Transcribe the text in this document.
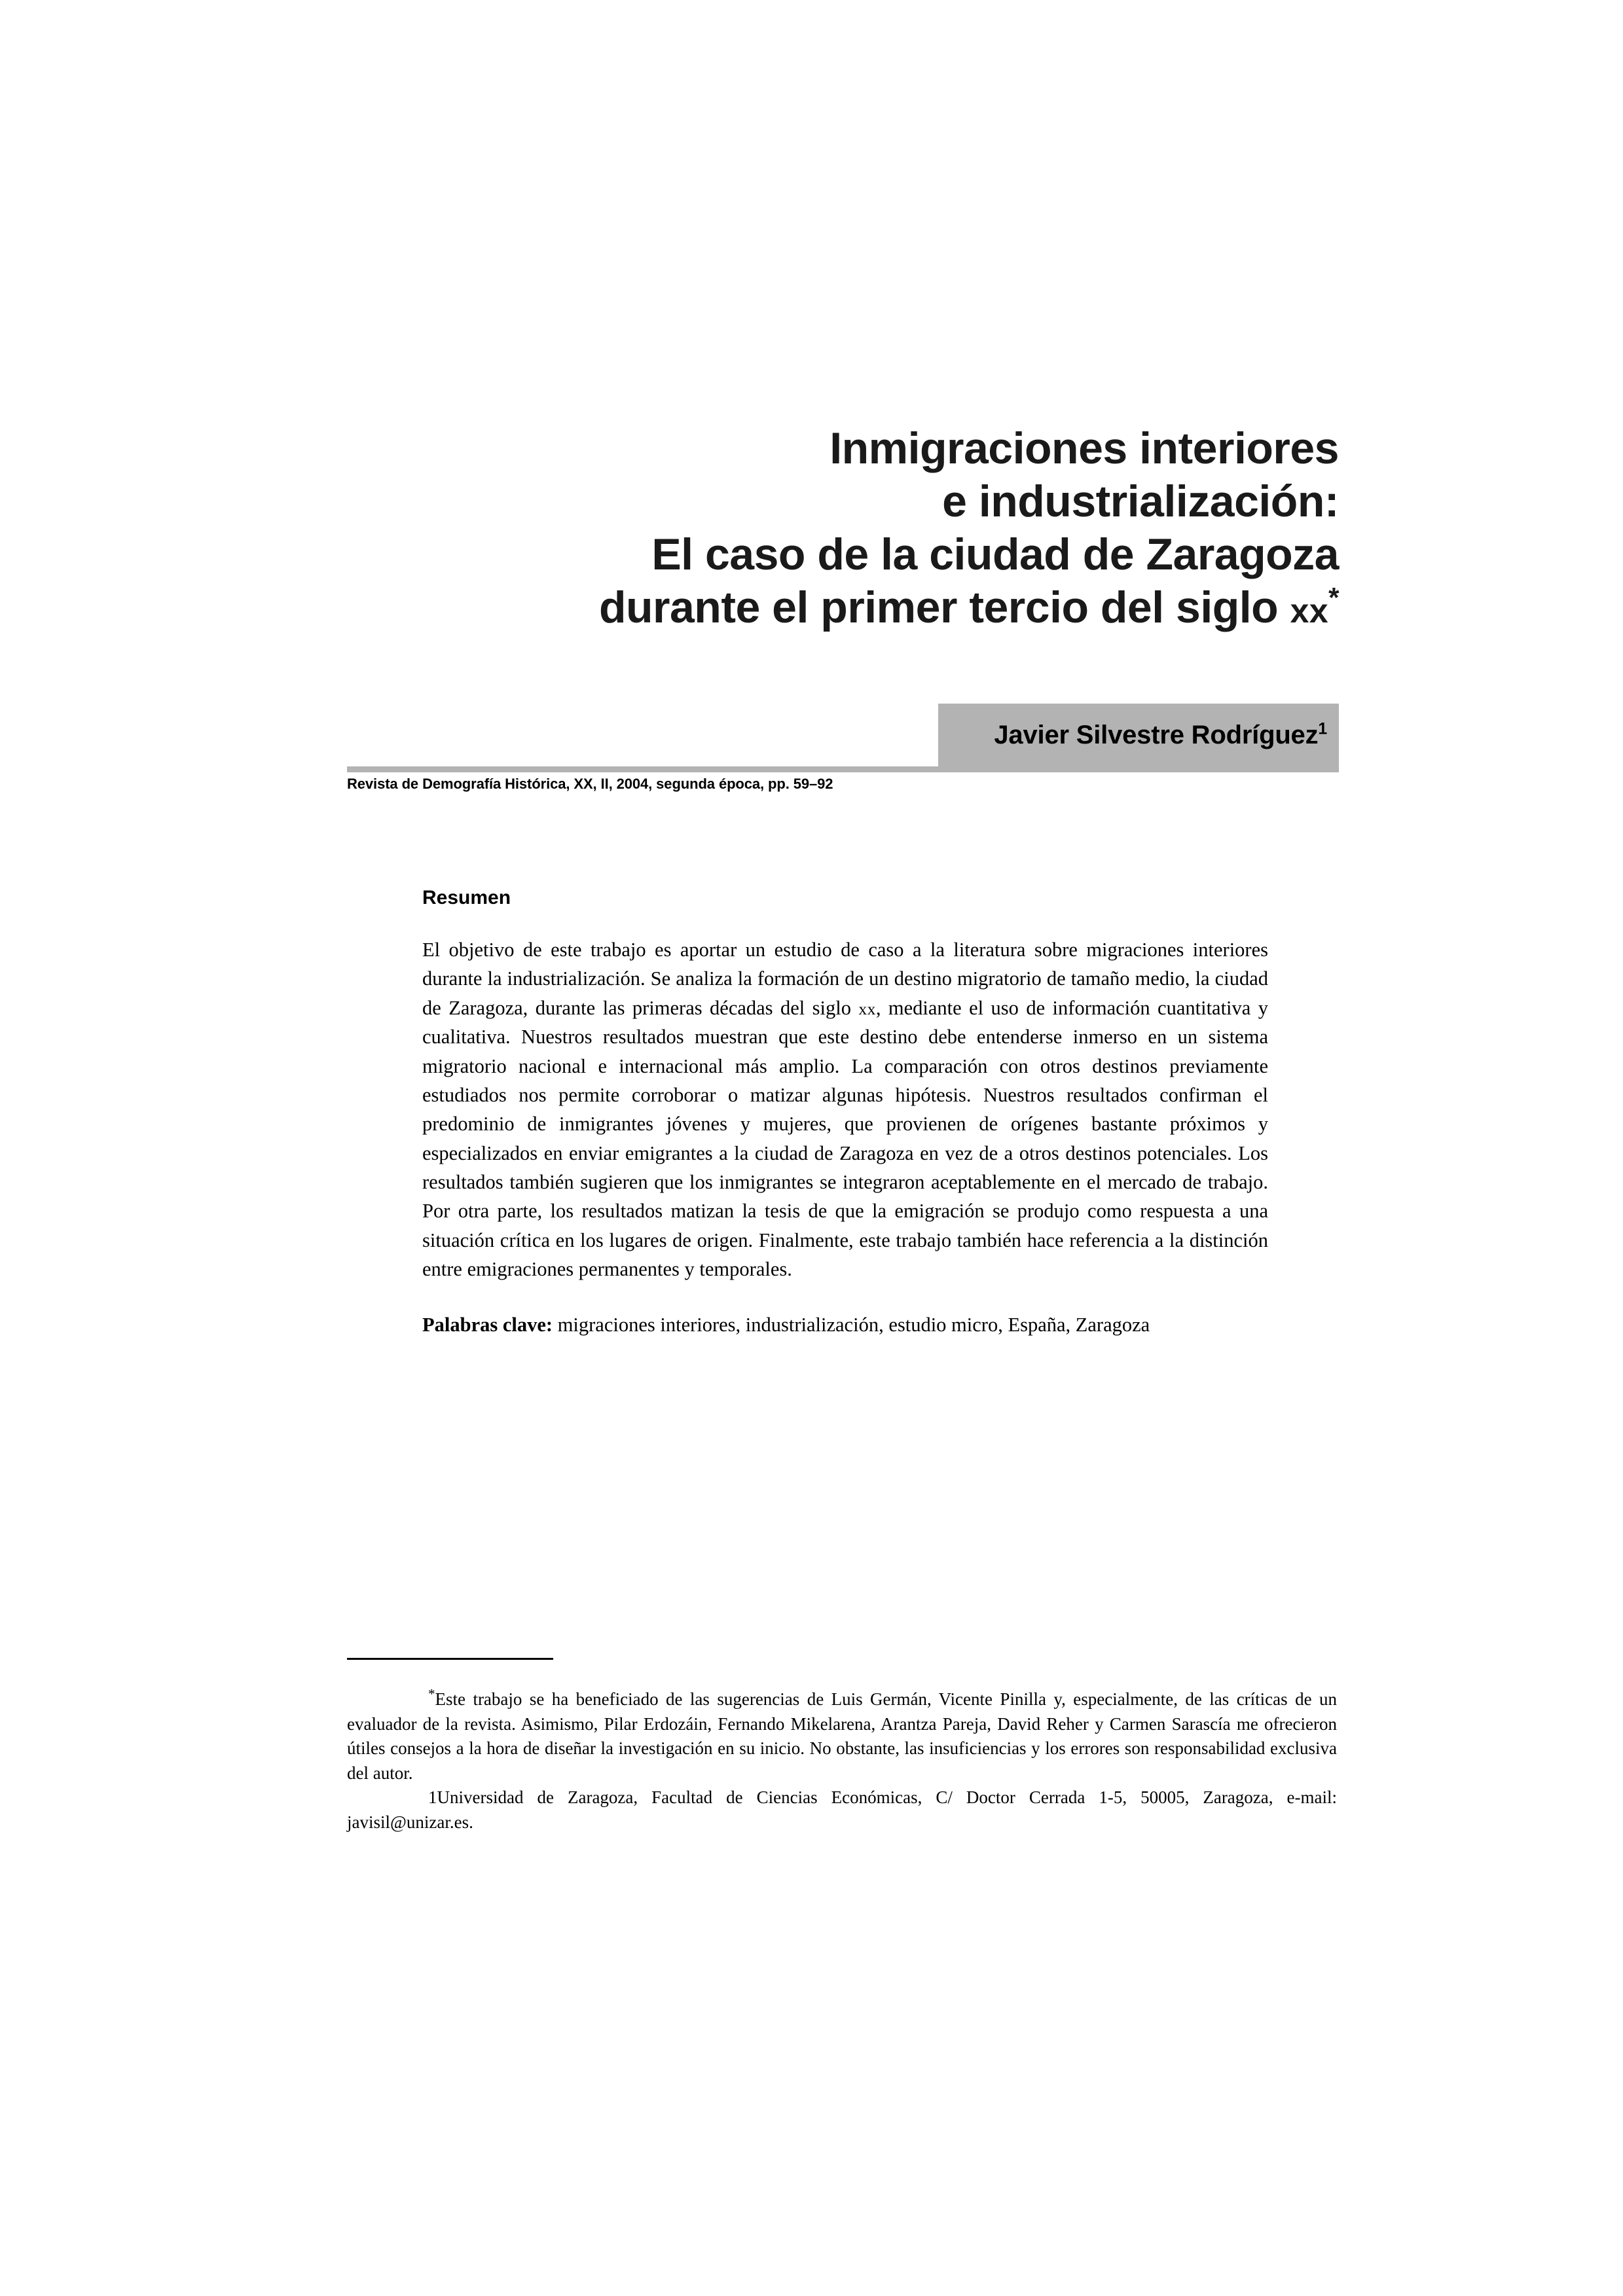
Inmigraciones interiores
e industrialización:
El caso de la ciudad de Zaragoza
durante el primer tercio del siglo xx*
Javier Silvestre Rodríguez$^1$
Revista de Demografía Histórica, XX, II, 2004, segunda época, pp. 59–92
Resumen

El objetivo de este trabajo es aportar un estudio de caso a la literatura sobre migraciones interiores durante la industrialización. Se analiza la formación de un destino migratorio de tamaño medio, la ciudad de Zaragoza, durante las primeras décadas del siglo xx, mediante el uso de información cuantitativa y cualitativa. Nuestros resultados muestran que este destino debe entenderse inmerso en un sistema migratorio nacional e internacional más amplio. La comparación con otros destinos previamente estudiados nos permite corroborar o matizar algunas hipótesis. Nuestros resultados confirman el predominio de inmigrantes jóvenes y mujeres, que provienen de orígenes bastante próximos y especializados en enviar emigrantes a la ciudad de Zaragoza en vez de a otros destinos potenciales. Los resultados también sugieren que los inmigrantes se integraron aceptablemente en el mercado de trabajo. Por otra parte, los resultados matizan la tesis de que la emigración se produjo como respuesta a una situación crítica en los lugares de origen. Finalmente, este trabajo también hace referencia a la distinción entre emigraciones permanentes y temporales.

Palabras clave: migraciones interiores, industrialización, estudio micro, España, Zaragoza

*Este trabajo se ha beneficiado de las sugerencias de Luis Germán, Vicente Pinilla y, especialmente, de las críticas de un evaluador de la revista. Asimismo, Pilar Erdozáin, Fernando Mikelarena, Arantza Pareja, David Reher y Carmen Sarascía me ofrecieron útiles consejos a la hora de diseñar la investigación en su inicio. No obstante, las insuficiencias y los errores son responsabilidad exclusiva del autor.

1Universidad de Zaragoza, Facultad de Ciencias Económicas, C/ Doctor Cerrada 1-5, 50005, Zaragoza, e-mail: javisil@unizar.es.
